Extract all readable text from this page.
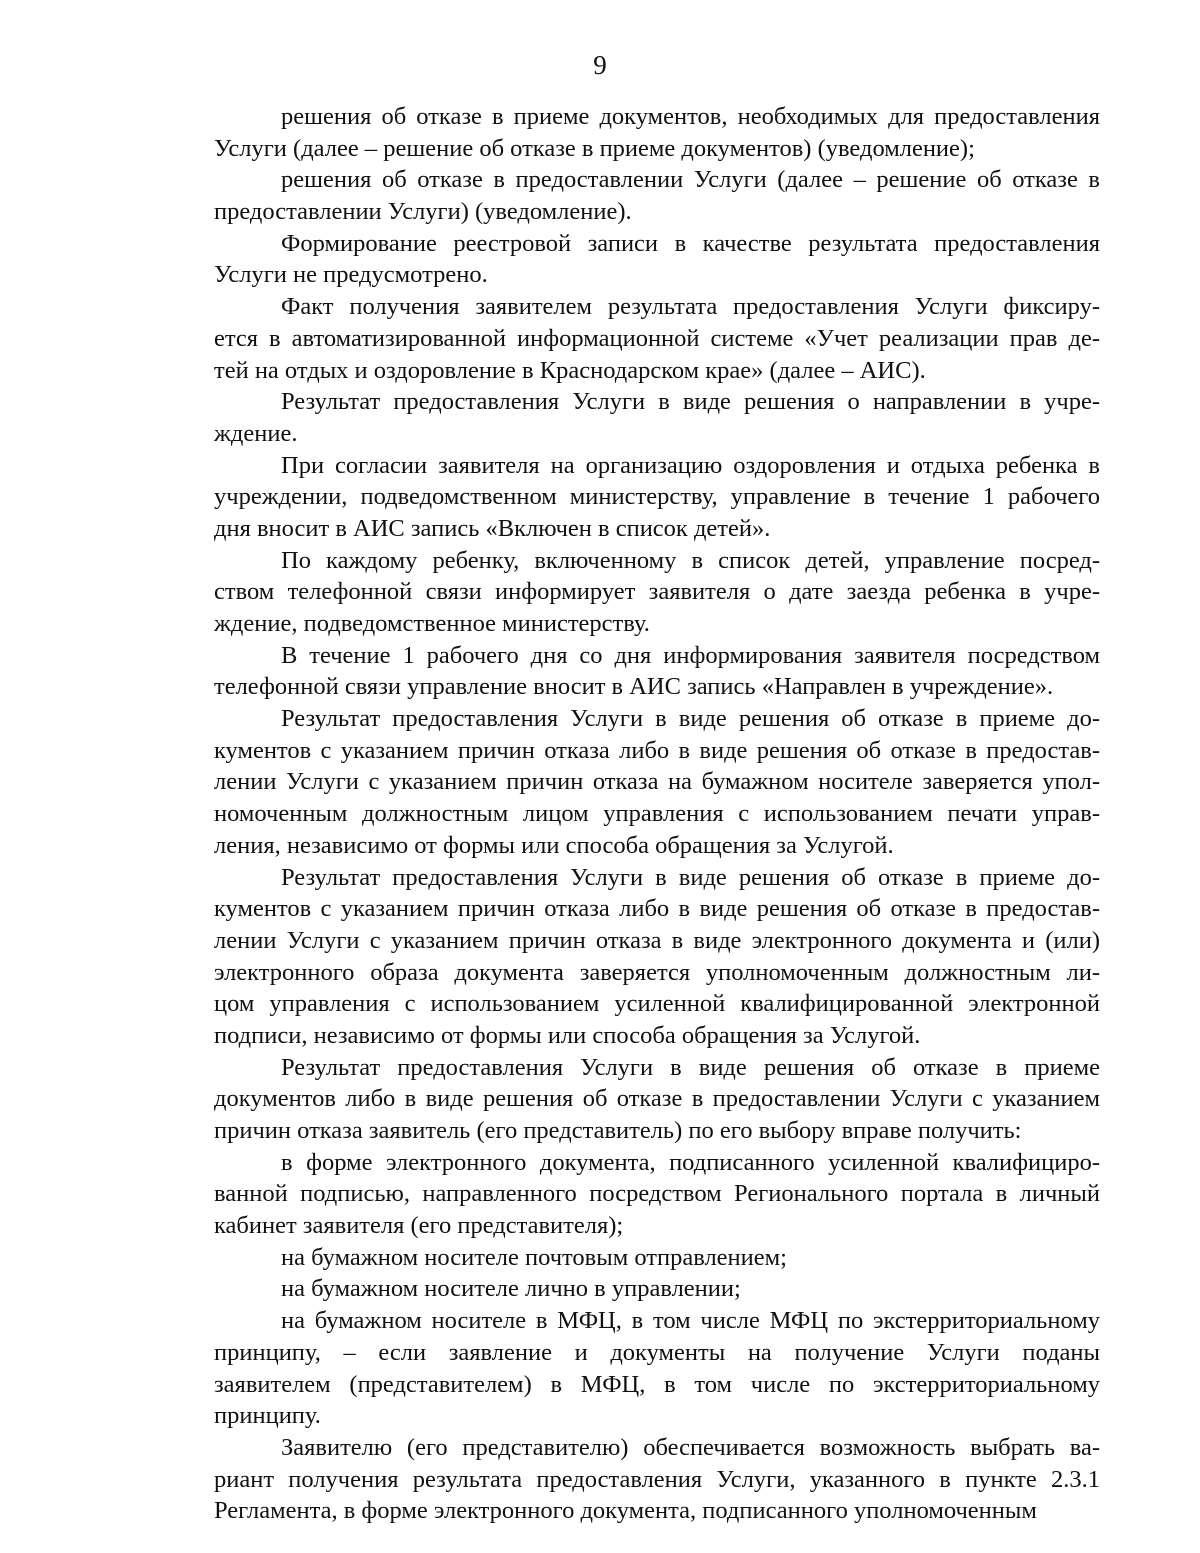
9
решения об отказе в приеме документов, необходимых для предоставления
Услуги (далее – решение об отказе в приеме документов) (уведомление);
решения об отказе в предоставлении Услуги (далее – решение об отказе в
предоставлении Услуги) (уведомление).
Формирование реестровой записи в качестве результата предоставления
Услуги не предусмотрено.
Факт получения заявителем результата предоставления Услуги фиксиру-
ется в автоматизированной информационной системе «Учет реализации прав де-
тей на отдых и оздоровление в Краснодарском крае» (далее – АИС).
Результат предоставления Услуги в виде решения о направлении в учре-
ждение.
При согласии заявителя на организацию оздоровления и отдыха ребенка в
учреждении, подведомственном министерству, управление в течение 1 рабочего
дня вносит в АИС запись «Включен в список детей».
По каждому ребенку, включенному в список детей, управление посред-
ством телефонной связи информирует заявителя о дате заезда ребенка в учре-
ждение, подведомственное министерству.
В течение 1 рабочего дня со дня информирования заявителя посредством
телефонной связи управление вносит в АИС запись «Направлен в учреждение».
Результат предоставления Услуги в виде решения об отказе в приеме до-
кументов с указанием причин отказа либо в виде решения об отказе в предостав-
лении Услуги с указанием причин отказа на бумажном носителе заверяется упол-
номоченным должностным лицом управления с использованием печати управ-
ления, независимо от формы или способа обращения за Услугой.
Результат предоставления Услуги в виде решения об отказе в приеме до-
кументов с указанием причин отказа либо в виде решения об отказе в предостав-
лении Услуги с указанием причин отказа в виде электронного документа и (или)
электронного образа документа заверяется уполномоченным должностным ли-
цом управления с использованием усиленной квалифицированной электронной
подписи, независимо от формы или способа обращения за Услугой.
Результат предоставления Услуги в виде решения об отказе в приеме
документов либо в виде решения об отказе в предоставлении Услуги с указанием
причин отказа заявитель (его представитель) по его выбору вправе получить:
в форме электронного документа, подписанного усиленной квалифициро-
ванной подписью, направленного посредством Регионального портала в личный
кабинет заявителя (его представителя);
на бумажном носителе почтовым отправлением;
на бумажном носителе лично в управлении;
на бумажном носителе в МФЦ, в том числе МФЦ по экстерриториальному
принципу, – если заявление и документы на получение Услуги поданы
заявителем (представителем) в МФЦ, в том числе по экстерриториальному
принципу.
Заявителю (его представителю) обеспечивается возможность выбрать ва-
риант получения результата предоставления Услуги, указанного в пункте 2.3.1
Регламента, в форме электронного документа, подписанного уполномоченным
